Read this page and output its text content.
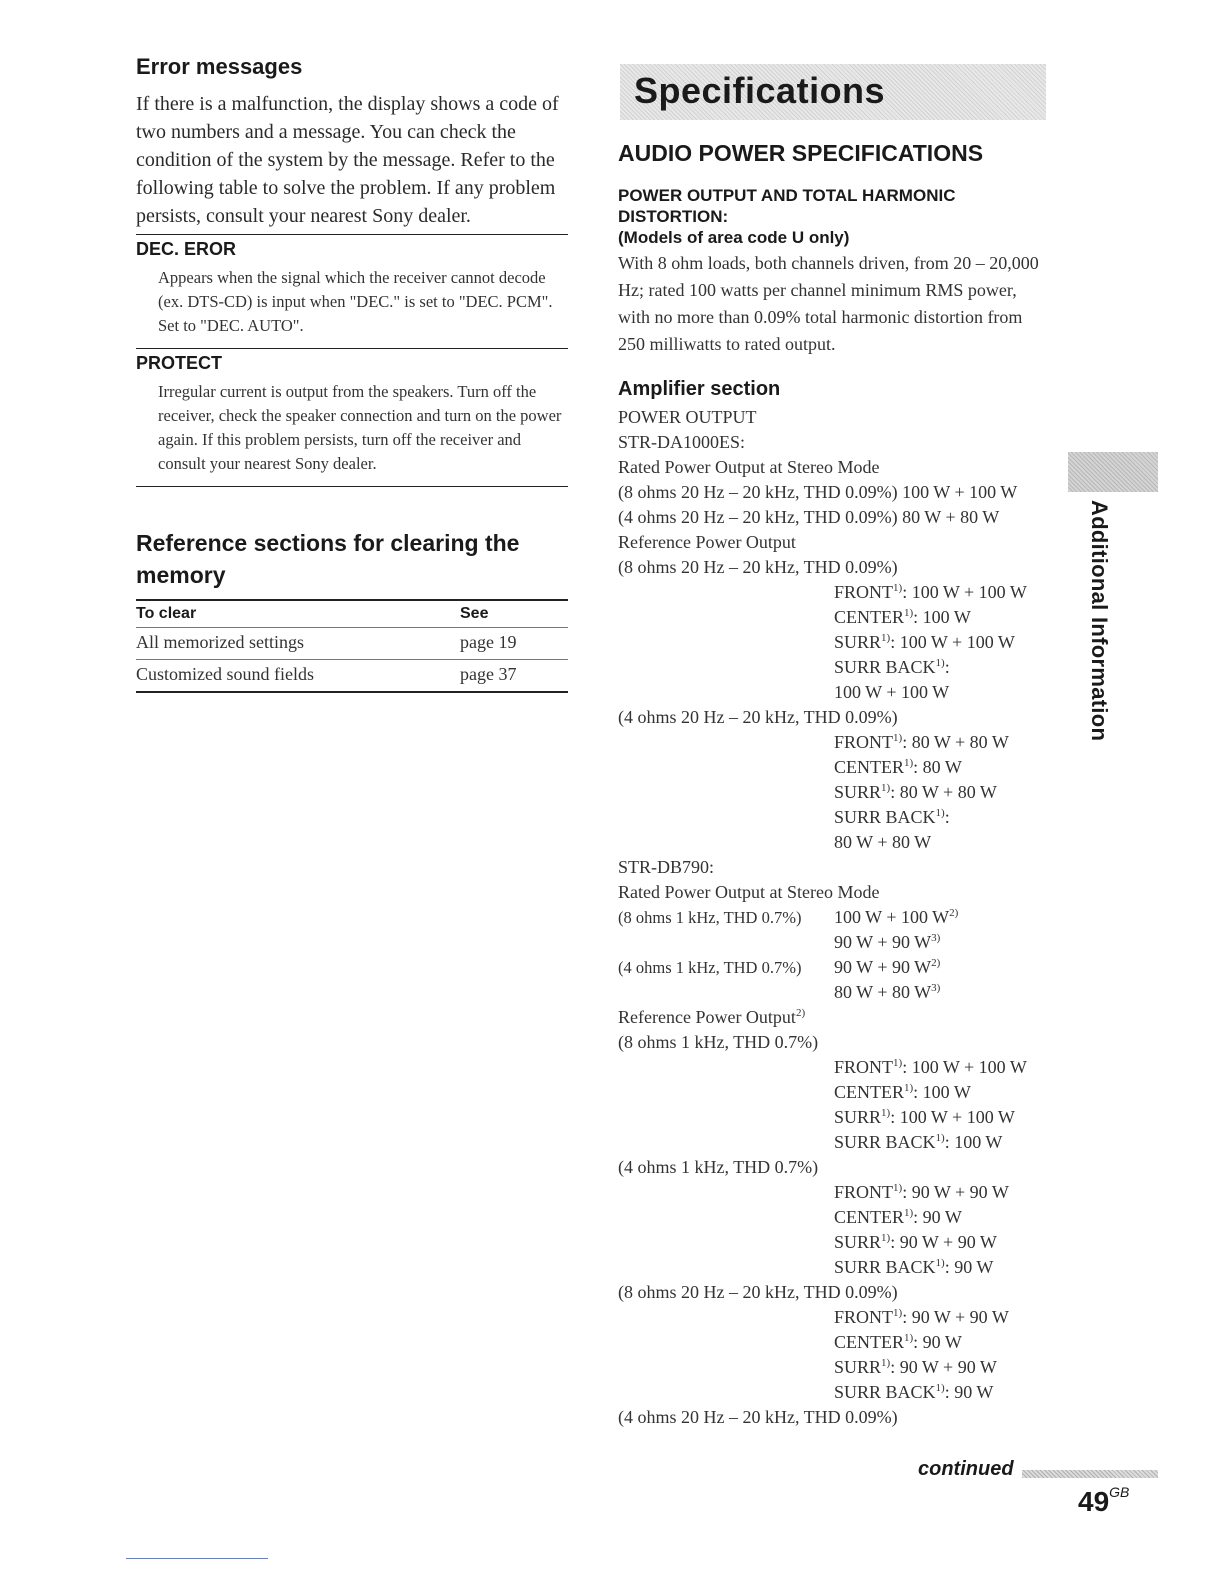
Error messages

If there is a malfunction, the display shows a code of two numbers and a message. You can check the condition of the system by the message. Refer to the following table to solve the problem. If any problem persists, consult your nearest Sony dealer.

DEC. EROR
Appears when the signal which the receiver cannot decode (ex. DTS-CD) is input when "DEC." is set to "DEC. PCM". Set to "DEC. AUTO".
PROTECT
Irregular current is output from the speakers. Turn off the receiver, check the speaker connection and turn on the power again. If this problem persists, turn off the receiver and consult your nearest Sony dealer.
Reference sections for clearing the memory
To clear	See
All memorized settings	page 19
Customized sound fields	page 37
Specifications
AUDIO POWER SPECIFICATIONS
POWER OUTPUT AND TOTAL HARMONIC DISTORTION:
(Models of area code U only)

With 8 ohm loads, both channels driven, from 20 – 20,000 Hz; rated 100 watts per channel minimum RMS power, with no more than 0.09% total harmonic distortion from 250 milliwatts to rated output.

Amplifier section
POWER OUTPUT
STR-DA1000ES:
Rated Power Output at Stereo Mode
(8 ohms 20 Hz – 20 kHz, THD 0.09%) 100 W + 100 W
(4 ohms 20 Hz – 20 kHz, THD 0.09%) 80 W + 80 W
Reference Power Output
(8 ohms 20 Hz – 20 kHz, THD 0.09%)
FRONT$^{1)}$: 100 W + 100 W
CENTER$^{1)}$: 100 W
SURR$^{1)}$: 100 W + 100 W
SURR BACK$^{1)}$:
100 W + 100 W
(4 ohms 20 Hz – 20 kHz, THD 0.09%)
FRONT$^{1)}$: 80 W + 80 W
CENTER$^{1)}$: 80 W
SURR$^{1)}$: 80 W + 80 W
SURR BACK$^{1)}$:
80 W + 80 W
STR-DB790:
Rated Power Output at Stereo Mode
(8 ohms 1 kHz, THD 0.7%) 100 W + 100 $W^{2)}$
90 W + 90 $W^{3)}$
(4 ohms 1 kHz, THD 0.7%) 90 W + 90 $W^{2)}$
80 W + 80 $W^{3)}$
Reference Power Output$^{2)}$
(8 ohms 1 kHz, THD 0.7%)
FRONT$^{1)}$: 100 W + 100 W
CENTER$^{1)}$: 100 W
SURR$^{1)}$: 100 W + 100 W
SURR BACK$^{1)}$: 100 W
(4 ohms 1 kHz, THD 0.7%)
FRONT$^{1)}$: 90 W + 90 W
CENTER$^{1)}$: 90 W
SURR$^{1)}$: 90 W + 90 W
SURR BACK$^{1)}$: 90 W
(8 ohms 20 Hz – 20 kHz, THD 0.09%)
FRONT$^{1)}$: 90 W + 90 W
CENTER$^{1)}$: 90 W
SURR$^{1)}$: 90 W + 90 W
SURR BACK$^{1)}$: 90 W
(4 ohms 20 Hz – 20 kHz, THD 0.09%)
Additional Information
continued
$49^{GB}$
